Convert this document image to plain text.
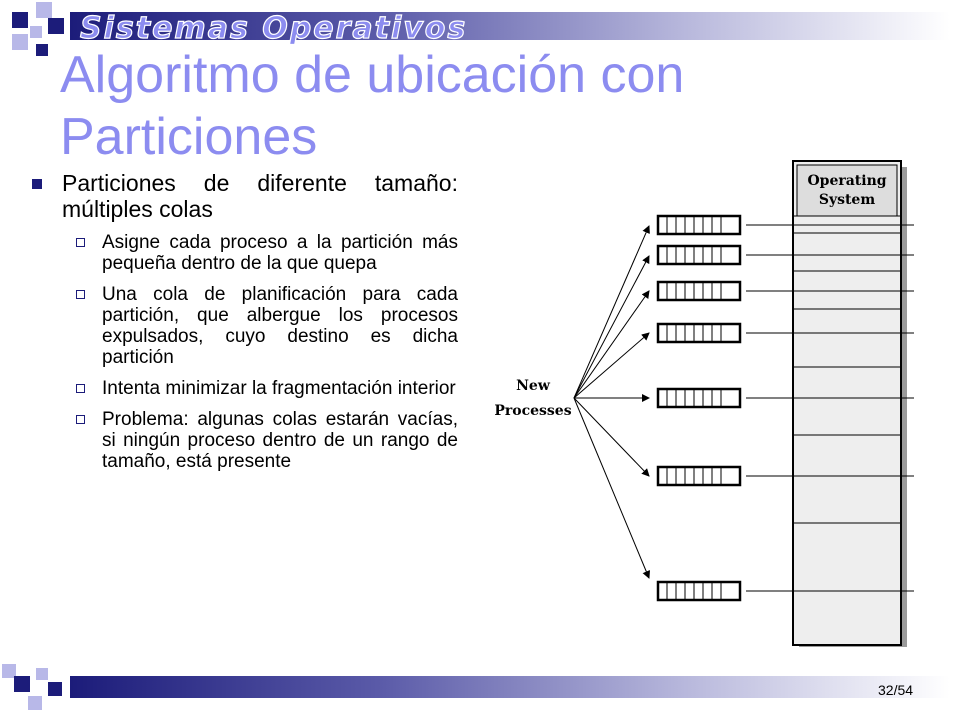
Sistemas Operativos
Algoritmo de ubicación con Particiones
Particiones de diferente tamaño: múltiples colas
Asigne cada proceso a la partición más pequeña dentro de la que quepa
Una cola de planificación para cada partición, que albergue los procesos expulsados, cuyo destino es dicha partición
Intenta minimizar la fragmentación interior
Problema: algunas colas estarán vacías, si ningún proceso dentro de un rango de tamaño, está presente
Operating
System
New
Processes
32/54
